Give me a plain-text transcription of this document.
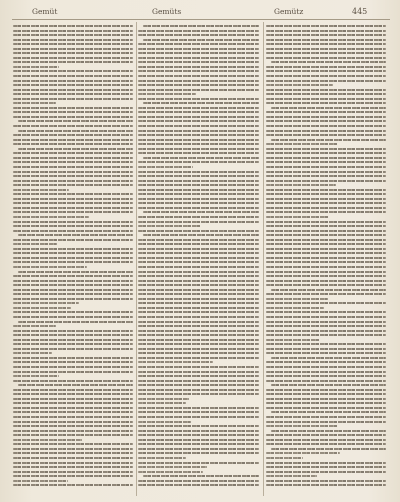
Gemüt	Gemüts	Gemütz	445
